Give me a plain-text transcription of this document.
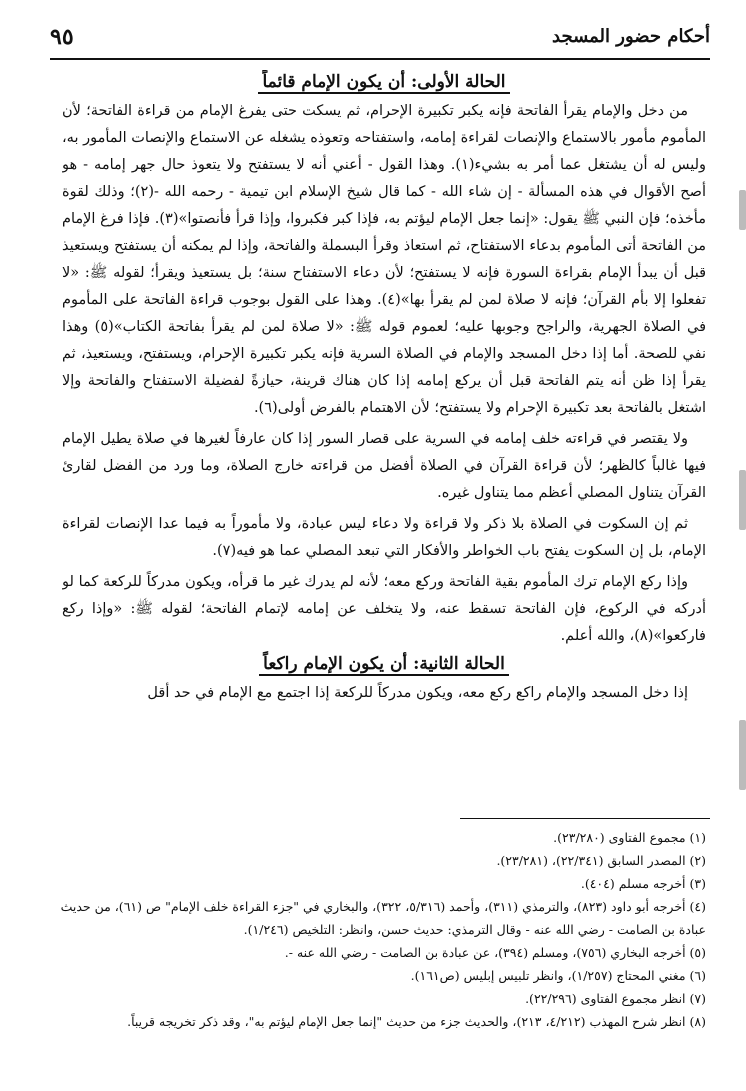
أحكام حضور المسجد
٩٥
الحالة الأولى: أن يكون الإمام قائماً

من دخل والإمام يقرأ الفاتحة فإنه يكبر تكبيرة الإحرام، ثم يسكت حتى يفرغ الإمام من قراءة الفاتحة؛ لأن المأموم مأمور بالاستماع والإنصات لقراءة إمامه، واستفتاحه وتعوذه يشغله عن الاستماع والإنصات المأمور به، وليس له أن يشتغل عما أمر به بشيء(١). وهذا القول - أعني أنه لا يستفتح ولا يتعوذ حال جهر إمامه - هو أصح الأقوال في هذه المسألة - إن شاء الله - كما قال شيخ الإسلام ابن تيمية - رحمه الله -(٢)؛ وذلك لقوة مأخذه؛ فإن النبي ﷺ يقول: «إنما جعل الإمام ليؤتم به، فإذا كبر فكبروا، وإذا قرأ فأنصتوا»(٣). فإذا فرغ الإمام من الفاتحة أتى المأموم بدعاء الاستفتاح، ثم استعاذ وقرأ البسملة والفاتحة، وإذا لم يمكنه أن يستفتح ويستعيذ قبل أن يبدأ الإمام بقراءة السورة فإنه لا يستفتح؛ لأن دعاء الاستفتاح سنة؛ بل يستعيذ ويقرأ؛ لقوله ﷺ: «لا تفعلوا إلا بأم القرآن؛ فإنه لا صلاة لمن لم يقرأ بها»(٤). وهذا على القول بوجوب قراءة الفاتحة على المأموم في الصلاة الجهرية، والراجح وجوبها عليه؛ لعموم قوله ﷺ: «لا صلاة لمن لم يقرأ بفاتحة الكتاب»(٥) وهذا نفي للصحة. أما إذا دخل المسجد والإمام في الصلاة السرية فإنه يكبر تكبيرة الإحرام، ويستفتح، ويستعيذ، ثم يقرأ إذا ظن أنه يتم الفاتحة قبل أن يركع إمامه إذا كان هناك قرينة، حيازةً لفضيلة الاستفتاح والفاتحة وإلا اشتغل بالفاتحة بعد تكبيرة الإحرام ولا يستفتح؛ لأن الاهتمام بالفرض أولى(٦).

ولا يقتصر في قراءته خلف إمامه في السرية على قصار السور إذا كان عارفاً لغيرها في صلاة يطيل الإمام فيها غالباً كالظهر؛ لأن قراءة القرآن في الصلاة أفضل من قراءته خارج الصلاة، وما ورد من الفضل لقارئ القرآن يتناول المصلي أعظم مما يتناول غيره.

ثم إن السكوت في الصلاة بلا ذكر ولا قراءة ولا دعاء ليس عبادة، ولا مأموراً به فيما عدا الإنصات لقراءة الإمام، بل إن السكوت يفتح باب الخواطر والأفكار التي تبعد المصلي عما هو فيه(٧).

وإذا ركع الإمام ترك المأموم بقية الفاتحة وركع معه؛ لأنه لم يدرك غير ما قرأه، ويكون مدركاً للركعة كما لو أدركه في الركوع، فإن الفاتحة تسقط عنه، ولا يتخلف عن إمامه لإتمام الفاتحة؛ لقوله ﷺ: «وإذا ركع فاركعوا»(٨)، والله أعلم.

الحالة الثانية: أن يكون الإمام راكعاً

إذا دخل المسجد والإمام راكع ركع معه، ويكون مدركاً للركعة إذا اجتمع مع الإمام في حد أقل

(١) مجموع الفتاوى (٢٣/٢٨٠).

(٢) المصدر السابق (٢٢/٣٤١)، (٢٣/٢٨١).

(٣) أخرجه مسلم (٤٠٤).

(٤) أخرجه أبو داود (٨٢٣)، والترمذي (٣١١)، وأحمد (٥/٣١٦، ٣٢٢)، والبخاري في "جزء القراءة خلف الإمام" ص (٦١)، من حديث عبادة بن الصامت - رضي الله عنه - وقال الترمذي: حديث حسن، وانظر: التلخيص (١/٢٤٦).

(٥) أخرجه البخاري (٧٥٦)، ومسلم (٣٩٤)، عن عبادة بن الصامت - رضي الله عنه -.

(٦) مغني المحتاج (١/٢٥٧)، وانظر تلبيس إبليس (ص١٦١).

(٧) انظر مجموع الفتاوى (٢٢/٢٩٦).

(٨) انظر شرح المهذب (٤/٢١٢، ٢١٣)، والحديث جزء من حديث "إنما جعل الإمام ليؤتم به"، وقد ذكر تخريجه قريباً.
